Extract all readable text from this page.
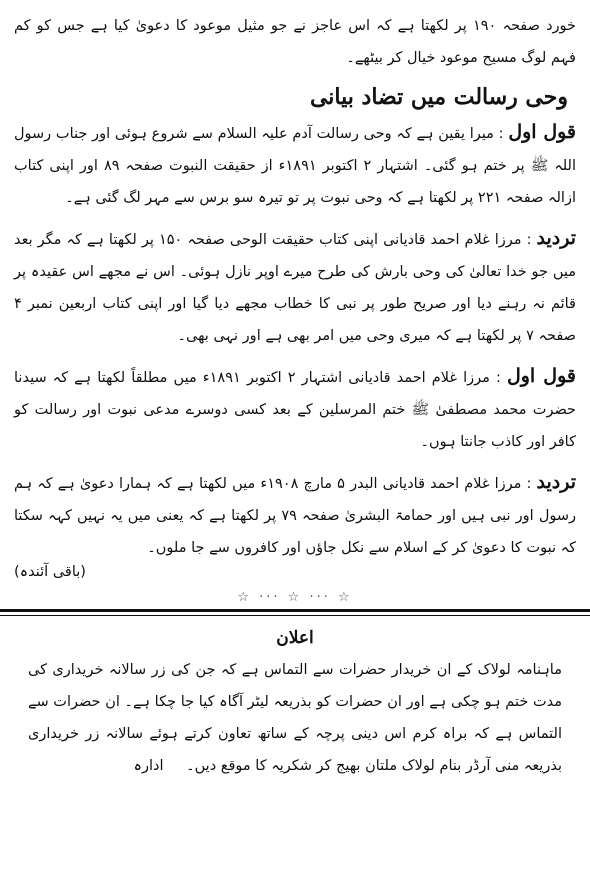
خورد صفحہ ۱۹۰ پر لکھتا ہے کہ اس عاجز نے جو مثیل موعود کا دعویٰ کیا ہے جس کو کم فہم لوگ مسیح موعود خیال کر بیٹھے۔

وحی رسالت میں تضاد بیانی

قول اول : میرا یقین ہے کہ وحی رسالت آدم علیہ السلام سے شروع ہوئی اور جناب رسول اللہ ﷺ پر ختم ہو گئی۔ اشتہار ۲ اکتوبر ۱۸۹۱ء از حقیقت النبوت صفحہ ۸۹ اور اپنی کتاب ازالہ صفحہ ۲۲۱ پر لکھتا ہے کہ وحی نبوت پر تو تیرہ سو برس سے مہر لگ گئی ہے۔

تردید : مرزا غلام احمد قادیانی اپنی کتاب حقیقت الوحی صفحہ ۱۵۰ پر لکھتا ہے کہ مگر بعد میں جو خدا تعالیٰ کی وحی بارش کی طرح میرے اوپر نازل ہوئی۔ اس نے مجھے اس عقیدہ پر قائم نہ رہنے دیا اور صریح طور پر نبی کا خطاب مجھے دیا گیا اور اپنی کتاب اربعین نمبر ۴ صفحہ ۷ پر لکھتا ہے کہ میری وحی میں امر بھی ہے اور نہی بھی۔

قول اول : مرزا غلام احمد قادیانی اشتہار ۲ اکتوبر ۱۸۹۱ء میں مطلقاً لکھتا ہے کہ سیدنا حضرت محمد مصطفیٰ ﷺ ختم المرسلین کے بعد کسی دوسرے مدعی نبوت اور رسالت کو کافر اور کاذب جانتا ہوں۔

تردید : مرزا غلام احمد قادیانی البدر ۵ مارچ ۱۹۰۸ء میں لکھتا ہے کہ ہمارا دعویٰ ہے کہ ہم رسول اور نبی ہیں اور حمامۃ البشریٰ صفحہ ۷۹ پر لکھتا ہے کہ یعنی میں یہ نہیں کہہ سکتا کہ نبوت کا دعویٰ کر کے اسلام سے نکل جاؤں اور کافروں سے جا ملوں۔

(باقی آئندہ)
☆ ··· ☆ ··· ☆
اعلان

ماہنامہ لولاک کے ان خریدار حضرات سے التماس ہے کہ جن کی زر سالانہ خریداری کی مدت ختم ہو چکی ہے اور ان حضرات کو بذریعہ لیٹر آگاہ کیا جا چکا ہے۔ ان حضرات سے التماس ہے کہ براہ کرم اس دینی پرچہ کے ساتھ تعاون کرتے ہوئے سالانہ زر خریداری بذریعہ منی آرڈر بنام لولاک ملتان بھیج کر شکریہ کا موقع دیں۔ ادارہ
